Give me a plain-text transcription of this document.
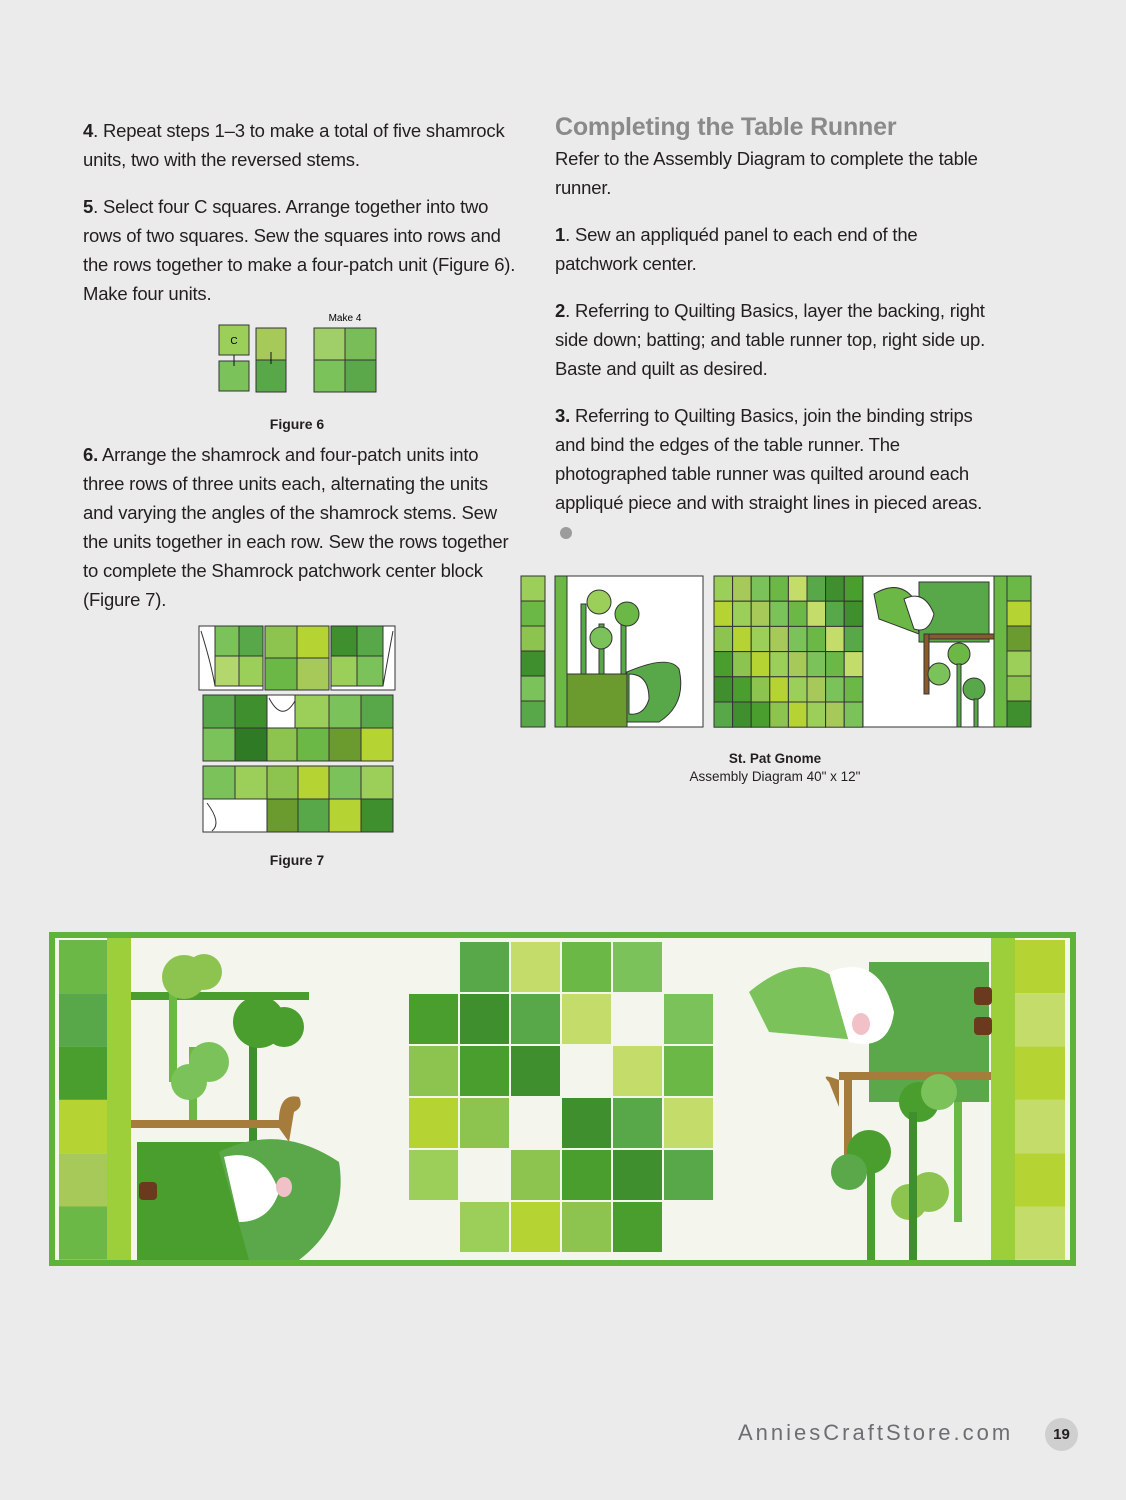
4. Repeat steps 1–3 to make a total of five shamrock units, two with the reversed stems.

5. Select four C squares. Arrange together into two rows of two squares. Sew the squares into rows and the rows together to make a four-patch unit (Figure 6). Make four units.

Make 4
C
Figure 6

6. Arrange the shamrock and four-patch units into three rows of three units each, alternating the units and varying the angles of the shamrock stems. Sew the units together in each row. Sew the rows together to complete the Shamrock patchwork center block (Figure 7).

Figure 7
Completing the Table Runner

Refer to the Assembly Diagram to complete the table runner.

1. Sew an appliquéd panel to each end of the patchwork center.

2. Referring to Quilting Basics, layer the backing, right side down; batting; and table runner top, right side up. Baste and quilt as desired.

3. Referring to Quilting Basics, join the binding strips and bind the edges of the table runner. The photographed table runner was quilted around each appliqué piece and with straight lines in pieced areas.

St. Pat Gnome
Assembly Diagram 40" x 12"
AnniesCraftStore.com	19
